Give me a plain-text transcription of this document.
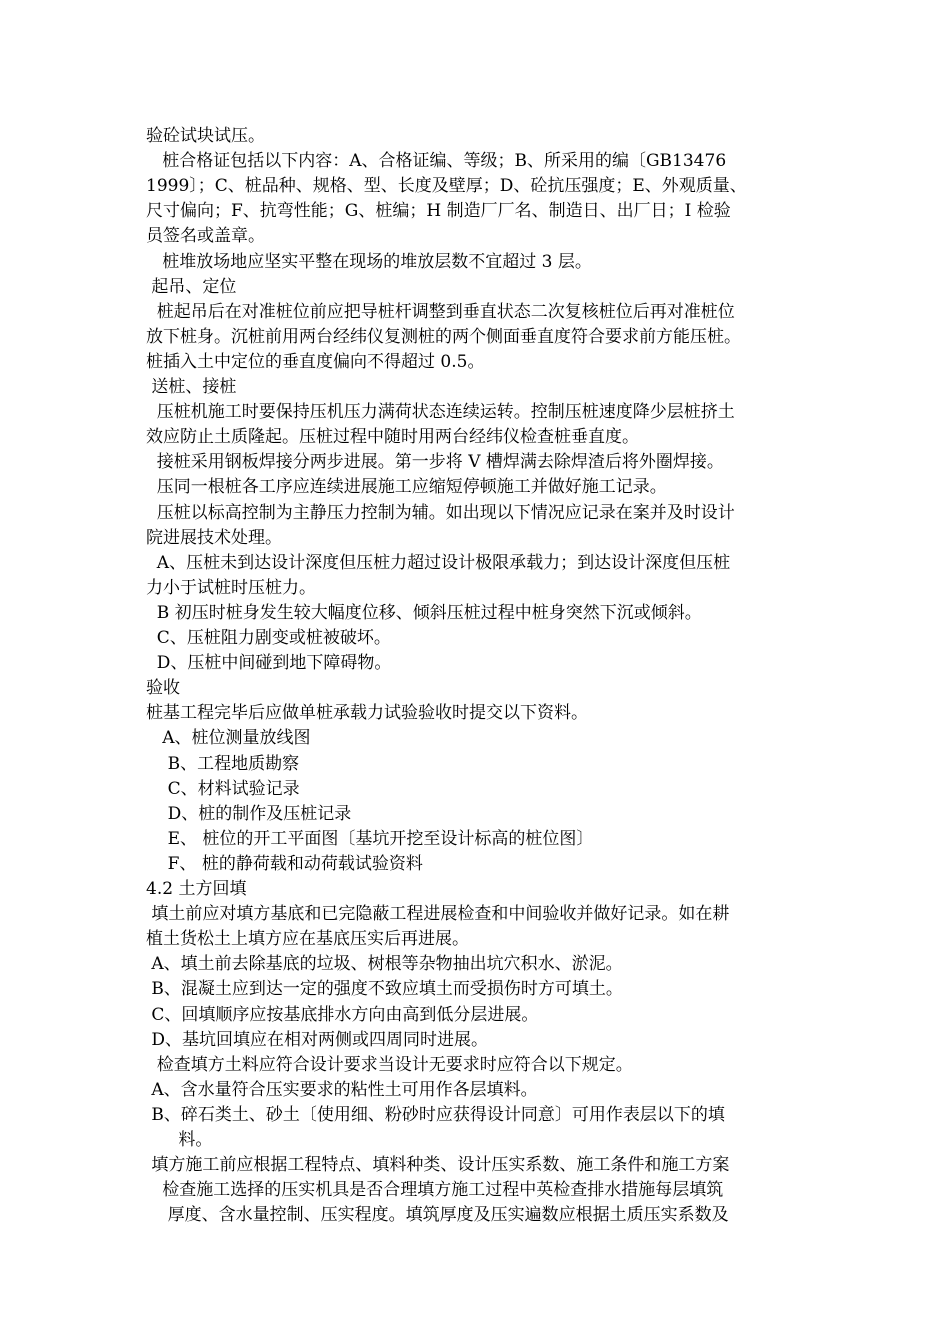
验砼试块试压。

桩合格证包括以下内容：A、合格证编、等级；B、所采用的编〔GB13476

1999〕；C、桩品种、规格、型、长度及壁厚；D、砼抗压强度；E、外观质量、

尺寸偏向；F、抗弯性能；G、桩编；H 制造厂厂名、制造日、出厂日；I 检验

员签名或盖章。

桩堆放场地应坚实平整在现场的堆放层数不宜超过 3 层。

起吊、定位

桩起吊后在对准桩位前应把导桩杆调整到垂直状态二次复核桩位后再对准桩位

放下桩身。沉桩前用两台经纬仪复测桩的两个侧面垂直度符合要求前方能压桩。

桩插入土中定位的垂直度偏向不得超过 0.5。

送桩、接桩

压桩机施工时要保持压机压力满荷状态连续运转。控制压桩速度降少层桩挤土

效应防止土质隆起。压桩过程中随时用两台经纬仪检查桩垂直度。

接桩采用钢板焊接分两步进展。第一步将 V 槽焊满去除焊渣后将外圈焊接。

压同一根桩各工序应连续进展施工应缩短停顿施工并做好施工记录。

压桩以标高控制为主静压力控制为辅。如出现以下情况应记录在案并及时设计

院进展技术处理。

A、压桩未到达设计深度但压桩力超过设计极限承载力；到达设计深度但压桩

力小于试桩时压桩力。

B 初压时桩身发生较大幅度位移、倾斜压桩过程中桩身突然下沉或倾斜。

C、压桩阻力剧变或桩被破坏。

D、压桩中间碰到地下障碍物。

验收

桩基工程完毕后应做单桩承载力试验验收时提交以下资料。

A、桩位测量放线图

B、工程地质勘察

C、材料试验记录

D、桩的制作及压桩记录

E、 桩位的开工平面图〔基坑开挖至设计标高的桩位图〕

F、 桩的静荷载和动荷载试验资料

4.2 土方回填

填土前应对填方基底和已完隐蔽工程进展检查和中间验收并做好记录。如在耕

植土货松土上填方应在基底压实后再进展。

A、填土前去除基底的垃圾、树根等杂物抽出坑穴积水、淤泥。

B、混凝土应到达一定的强度不致应填土而受损伤时方可填土。

C、回填顺序应按基底排水方向由高到低分层进展。

D、基坑回填应在相对两侧或四周同时进展。

检查填方土料应符合设计要求当设计无要求时应符合以下规定。

A、含水量符合压实要求的粘性土可用作各层填料。

B、碎石类土、砂土〔使用细、粉砂时应获得设计同意〕可用作表层以下的填

料。

填方施工前应根据工程特点、填料种类、设计压实系数、施工条件和施工方案

检查施工选择的压实机具是否合理填方施工过程中英检查排水措施每层填筑

厚度、含水量控制、压实程度。填筑厚度及压实遍数应根据土质压实系数及
